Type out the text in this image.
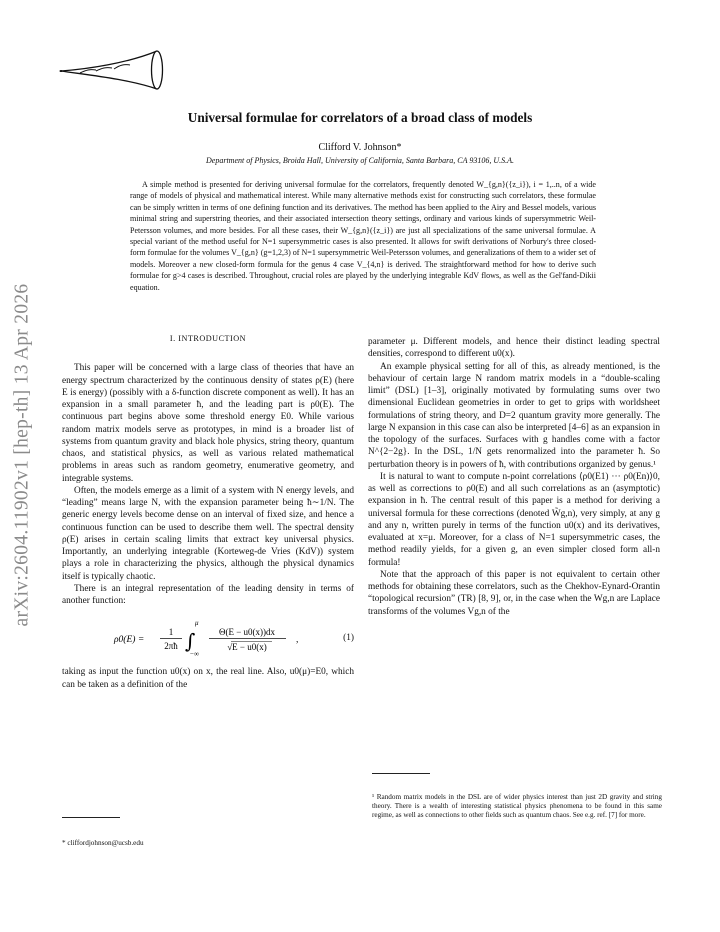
arXiv:2604.11902v1 [hep-th] 13 Apr 2026
Universal formulae for correlators of a broad class of models
Clifford V. Johnson*
Department of Physics, Broida Hall, University of California, Santa Barbara, CA 93106, U.S.A.
A simple method is presented for deriving universal formulae for the correlators, frequently denoted W_{g,n}({z_i}), i = 1,..n, of a wide range of models of physical and mathematical interest. While many alternative methods exist for constructing such correlators, these formulae can be simply written in terms of one defining function and its derivatives. The method has been applied to the Airy and Bessel models, various minimal string and superstring theories, and their associated intersection theory settings, ordinary and various kinds of supersymmetric Weil-Petersson volumes, and more besides. For all these cases, their W_{g,n}({z_i}) are just all specializations of the same universal formulae. A special variant of the method useful for N=1 supersymmetric cases is also presented. It allows for swift derivations of Norbury's three closed-form formulae for the volumes V_{g,n} (g=1,2,3) of N=1 supersymmetric Weil-Petersson volumes, and generalizations of them to a wider set of models. Moreover a new closed-form formula for the genus 4 case V_{4,n} is derived. The straightforward method for how to derive such formulae for g>4 cases is described. Throughout, crucial roles are played by the underlying integrable KdV flows, as well as the Gel'fand-Dikii equation.
I. INTRODUCTION

This paper will be concerned with a large class of theories that have an energy spectrum characterized by the continuous density of states ρ(E) (here E is energy) (possibly with a δ-function discrete component as well). It has an expansion in a small parameter ħ, and the leading part is ρ0(E). The continuous part begins above some threshold energy E0. While various random matrix models serve as prototypes, in mind is a broader list of systems from quantum gravity and black hole physics, string theory, quantum chaos, and statistical physics, as well as various related mathematical problems in areas such as random geometry, enumerative geometry, and integrable systems.

Often, the models emerge as a limit of a system with N energy levels, and “leading” means large N, with the expansion parameter being ħ∼1/N. The generic energy levels become dense on an interval of fixed size, and hence a continuous function can be used to describe them well. The spectral density ρ(E) arises in certain scaling limits that extract key universal physics. Importantly, an underlying integrable (Korteweg-de Vries (KdV)) system plays a role in characterizing the physics, although the physical dynamics itself is typically chaotic.

There is an integral representation of the leading density in terms of another function:

ρ0(E) =
1
2πħ ∫
μ
−∞
Θ(E − u0(x))dx
√E − u0(x)
,	(1)

taking as input the function u0(x) on x, the real line. Also, u0(μ)=E0, which can be taken as a definition of the

* cliffordjohnson@ucsb.edu

parameter μ. Different models, and hence their distinct leading spectral densities, correspond to different u0(x).

An example physical setting for all of this, as already mentioned, is the behaviour of certain large N random matrix models in a “double-scaling limit” (DSL) [1–3], originally motivated by formulating sums over two dimensional Euclidean geometries in order to get to grips with worldsheet formulations of string theory, and D=2 quantum gravity more generally. The large N expansion in this case can also be interpreted [4–6] as an expansion in the topology of the surfaces. Surfaces with g handles come with a factor N^{2−2g}. In the DSL, 1/N gets renormalized into the parameter ħ. So perturbation theory is in powers of ħ, with contributions organized by genus.¹

It is natural to want to compute n-point correlations ⟨ρ0(E1) ··· ρ0(En)⟩0, as well as corrections to ρ0(E) and all such correlations as an (asymptotic) expansion in ħ. The central result of this paper is a method for deriving a universal formula for these corrections (denoted W̃g,n), very simply, at any g and any n, written purely in terms of the function u0(x) and its derivatives, evaluated at x=μ. Moreover, for a class of N=1 supersymmetric cases, the method readily yields, for a given g, an even simpler closed form all-n formula!

Note that the approach of this paper is not equivalent to certain other methods for obtaining these correlators, such as the Chekhov-Eynard-Orantin “topological recursion” (TR) [8, 9], or, in the case when the Wg,n are Laplace transforms of the volumes Vg,n of the

¹ Random matrix models in the DSL are of wider physics interest than just 2D gravity and string theory. There is a wealth of interesting statistical physics phenomena to be found in this same regime, as well as connections to other fields such as quantum chaos. See e.g. ref. [7] for more.
